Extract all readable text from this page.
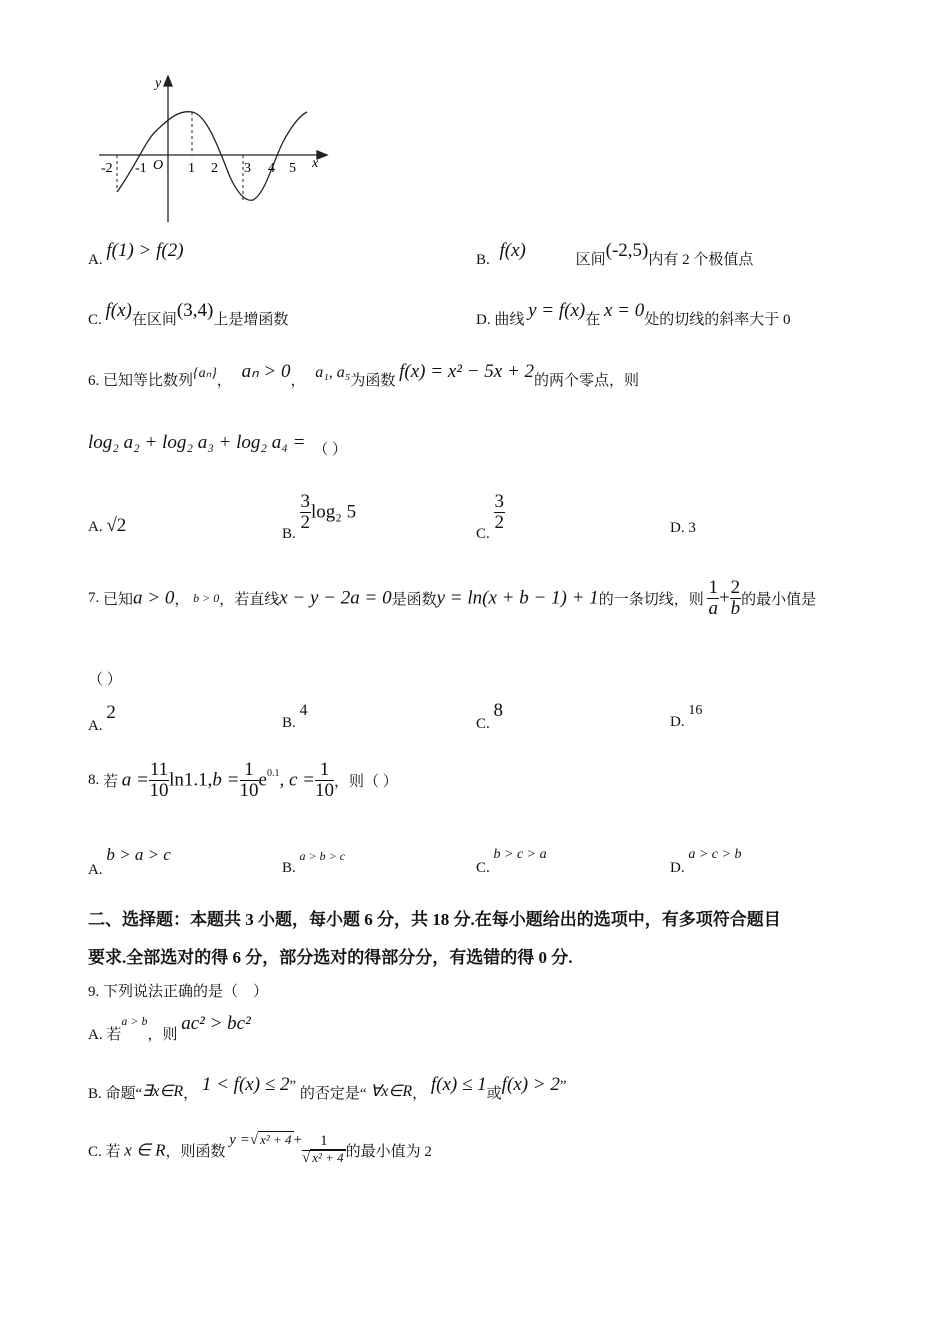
y
x
O
-2 -1	1 2 3 4 5
A. f(1) > f(2)	B. f(x)	区间(-2,5)内有 2 个极值点
C. f(x)在区间(3,4)上是增函数	D. 曲线 y = f(x)在 x = 0处的切线的斜率大于 0
6. 已知等比数列{aₙ}， aₙ > 0， a₁, a₅为函数 f(x) = x² − 5x + 2的两个零点，则
log₂ a₂ + log₂ a₃ + log₂ a₄ = （ ）
A. √2	B.
$\frac{3}{2} \log_2$ 5
C.
$\frac{3}{2}$	D. 3
7. 已知a > 0， b > 0，若直线x − y − 2a = 0是函数y = ln(x + b − 1) + 1的一条切线，则 $\frac{1}{a} + \frac{2}{b}$ 的最小值是
（ ）
A. 2	B. 4
C. 8
D. 16
8. 若 $a = \frac{11}{10} \ln 1.1,b = \frac{1}{10} e^{0.1}$, $c = \frac{1}{10}$ ，则（ ）
A. b > a > c
B. a > b > c
C. b > c > a
D. a > c > b
二、选择题：本题共 3 小题，每小题 6 分，共 18 分.在每小题给出的选项中，有多项符合题目
要求.全部选对的得 6 分，部分选对的得部分分，有选错的得 0 分.
9. 下列说法正确的是（　）
A. 若$^{a > b}$，则 ac² > bc²
B. 命题“∃x∈R， 1 < f(x) ≤ 2” 的否定是“ ∀x∈R， f(x) ≤ 1或f(x) > 2”
C. 若 x ∈ R，则函数 y =√ $x^2 + 4 + \frac{1}{\text{√ x² + 4}}$ 的最小值为 2
